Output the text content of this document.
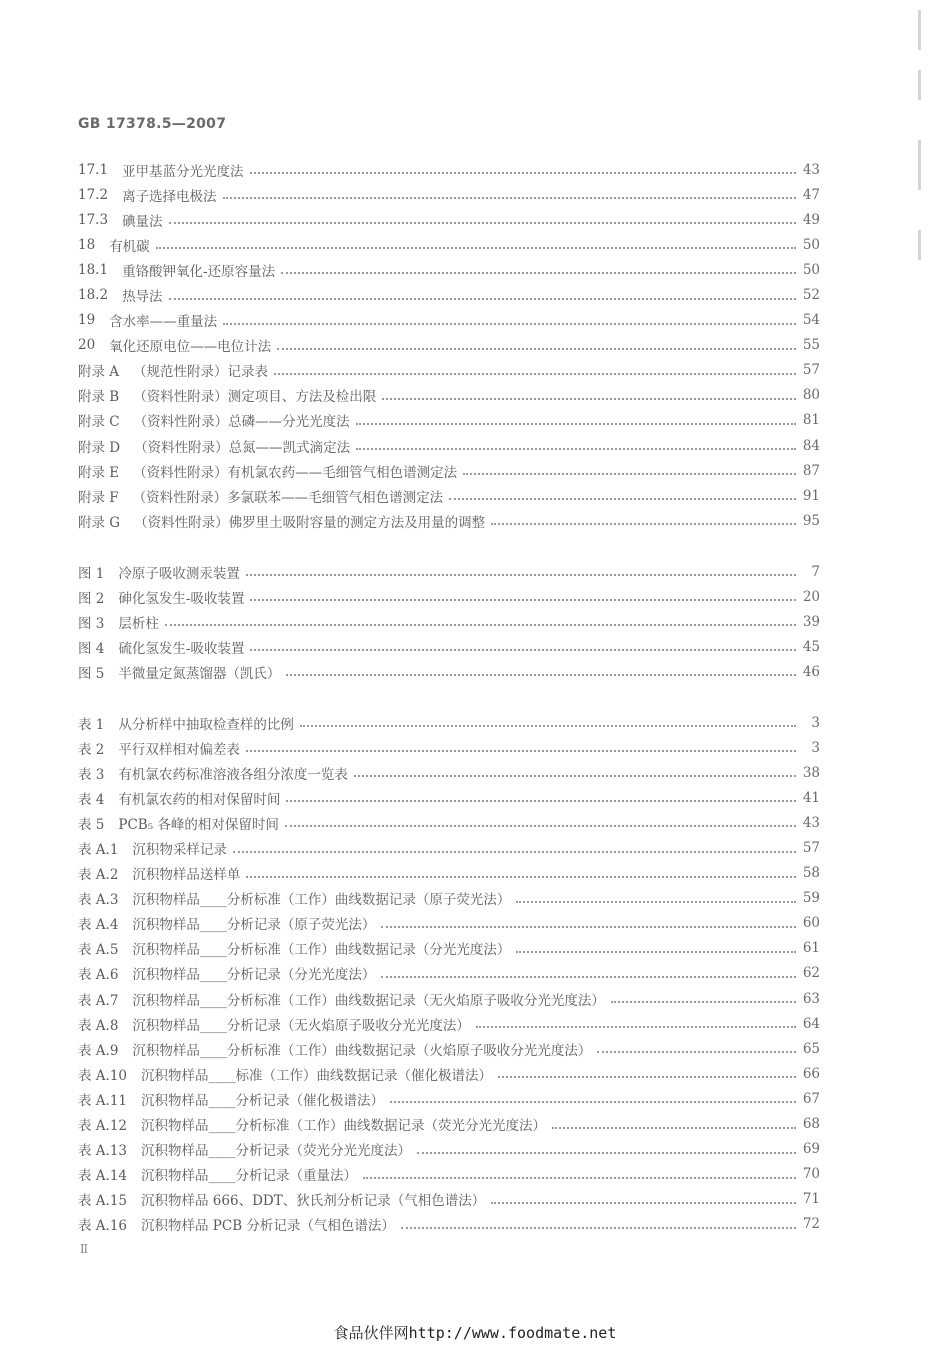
GB 17378.5—2007
17.1	亚甲基蓝分光光度法	43
17.2	离子选择电极法	47
17.3	碘量法	49
18	有机碳	50
18.1	重铬酸钾氧化-还原容量法	50
18.2	热导法	52
19	含水率——重量法	54
20	氧化还原电位——电位计法	55
附录 A	（规范性附录）记录表	57
附录 B	（资料性附录）测定项目、方法及检出限	80
附录 C	（资料性附录）总磷——分光光度法	81
附录 D	（资料性附录）总氮——凯式滴定法	84
附录 E	（资料性附录）有机氯农药——毛细管气相色谱测定法	87
附录 F	（资料性附录）多氯联苯——毛细管气相色谱测定法	91
附录 G	（资料性附录）佛罗里土吸附容量的测定方法及用量的调整	95
图 1	冷原子吸收测汞装置	7
图 2	砷化氢发生-吸收装置	20
图 3	层析柱	39
图 4	硫化氢发生-吸收装置	45
图 5	半微量定氮蒸馏器（凯氏）	46
表 1	从分析样中抽取检查样的比例	3
表 2	平行双样相对偏差表	3
表 3	有机氯农药标准溶液各组分浓度一览表	38
表 4	有机氯农药的相对保留时间	41
表 5	PCB₅ 各峰的相对保留时间	43
表 A.1	沉积物采样记录	57
表 A.2	沉积物样品送样单	58
表 A.3	沉积物样品____分析标准（工作）曲线数据记录（原子荧光法）	59
表 A.4	沉积物样品____分析记录（原子荧光法）	60
表 A.5	沉积物样品____分析标准（工作）曲线数据记录（分光光度法）	61
表 A.6	沉积物样品____分析记录（分光光度法）	62
表 A.7	沉积物样品____分析标准（工作）曲线数据记录（无火焰原子吸收分光光度法）	63
表 A.8	沉积物样品____分析记录（无火焰原子吸收分光光度法）	64
表 A.9	沉积物样品____分析标准（工作）曲线数据记录（火焰原子吸收分光光度法）	65
表 A.10	沉积物样品____标准（工作）曲线数据记录（催化极谱法）	66
表 A.11	沉积物样品____分析记录（催化极谱法）	67
表 A.12	沉积物样品____分析标准（工作）曲线数据记录（荧光分光光度法）	68
表 A.13	沉积物样品____分析记录（荧光分光光度法）	69
表 A.14	沉积物样品____分析记录（重量法）	70
表 A.15	沉积物样品 666、DDT、狄氏剂分析记录（气相色谱法）	71
表 A.16	沉积物样品 PCB 分析记录（气相色谱法）	72
Ⅱ
食品伙伴网http://www.foodmate.net
